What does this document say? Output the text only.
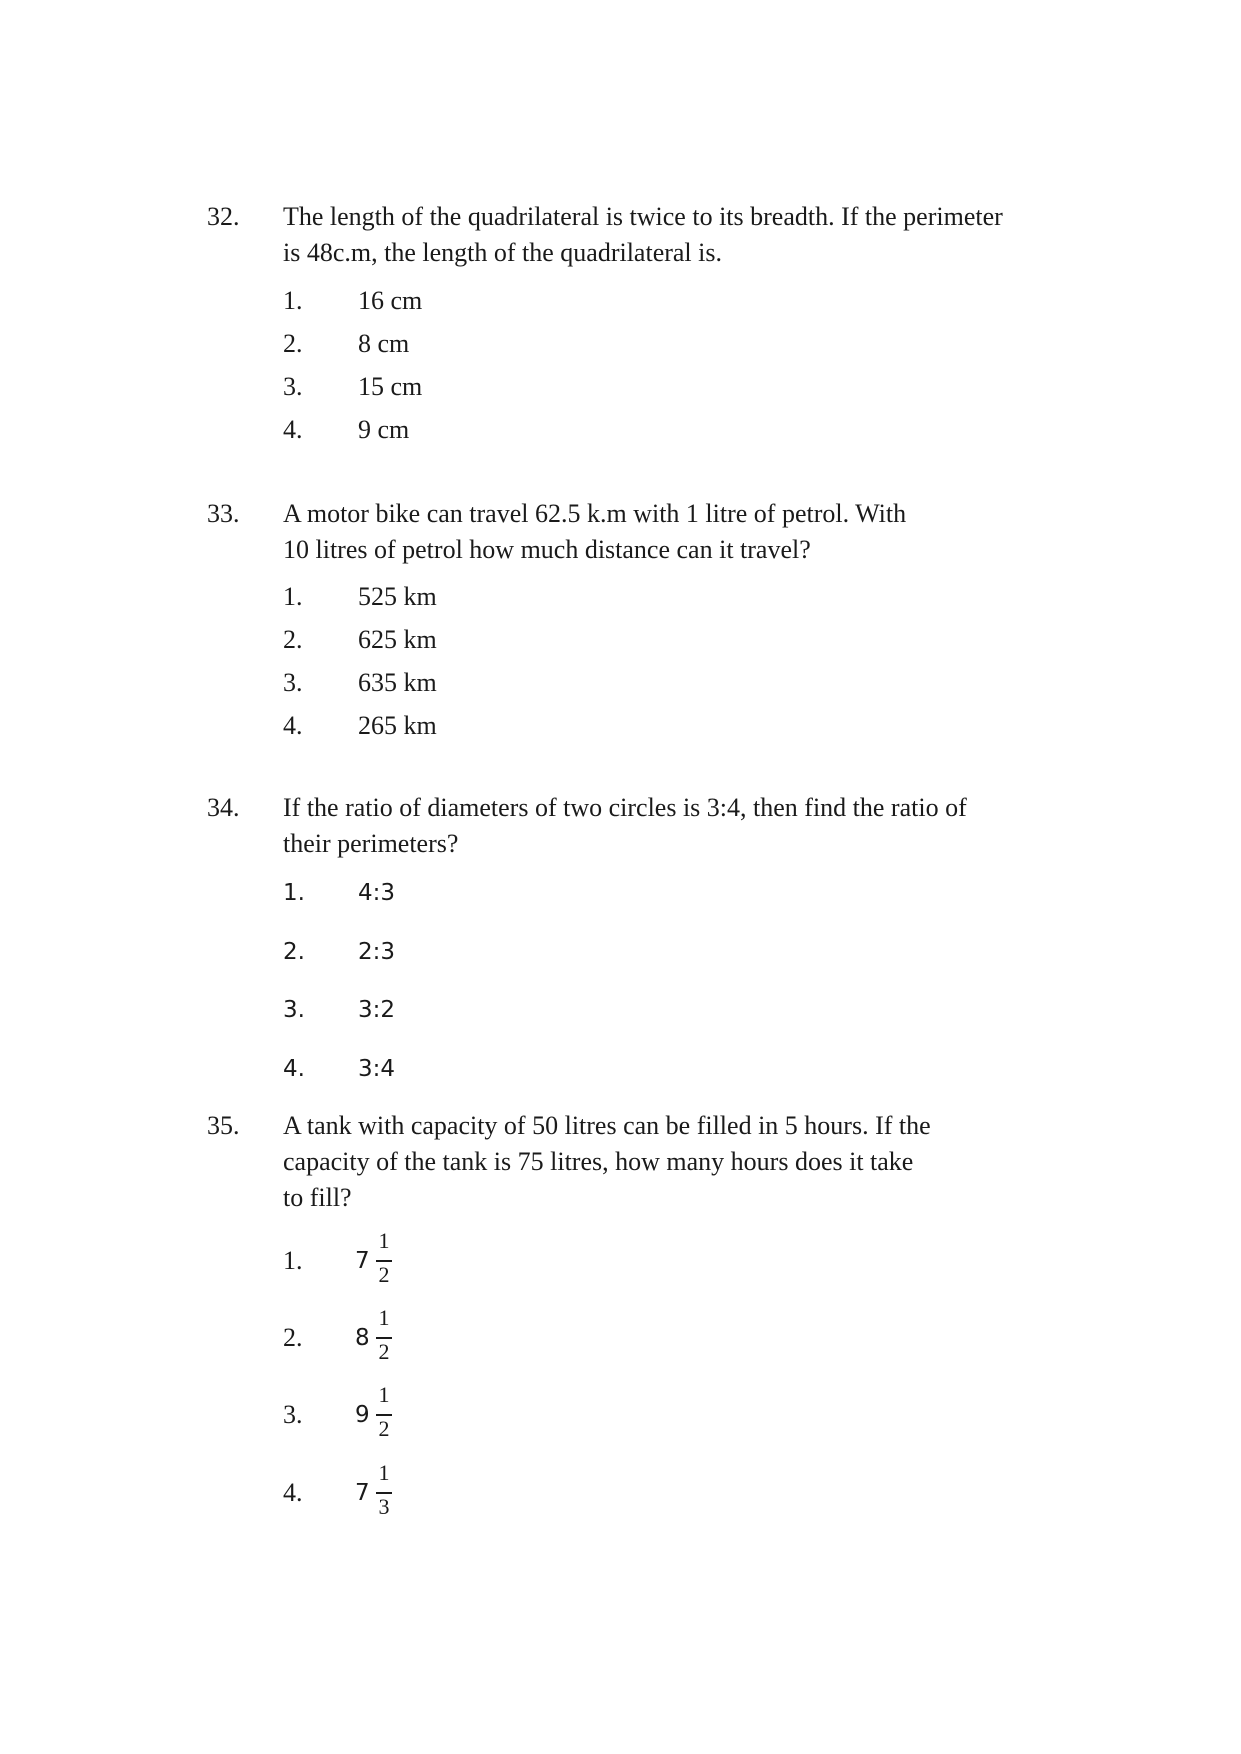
32. The length of the quadrilateral is twice to its breadth. If the perimeter
is 48c.m, the length of the quadrilateral is.
1.	16 cm
2.	8 cm
3.	15 cm
4.	9 cm
33. A motor bike can travel 62.5 k.m with 1 litre of petrol. With
10 litres of petrol how much distance can it travel?
1.	525 km
2.	625 km
3.	635 km
4.	265 km
34. If the ratio of diameters of two circles is 3:4, then find the ratio of
their perimeters?
1.	4:3
2.	2:3
3.	3:2
4.	3:4
35. A tank with capacity of 50 litres can be filled in 5 hours. If the
capacity of the tank is 75 litres, how many hours does it take
to fill?
1.	7
1
2
2.	8
1
2
3.	9
1
2
4.	7
1
3
